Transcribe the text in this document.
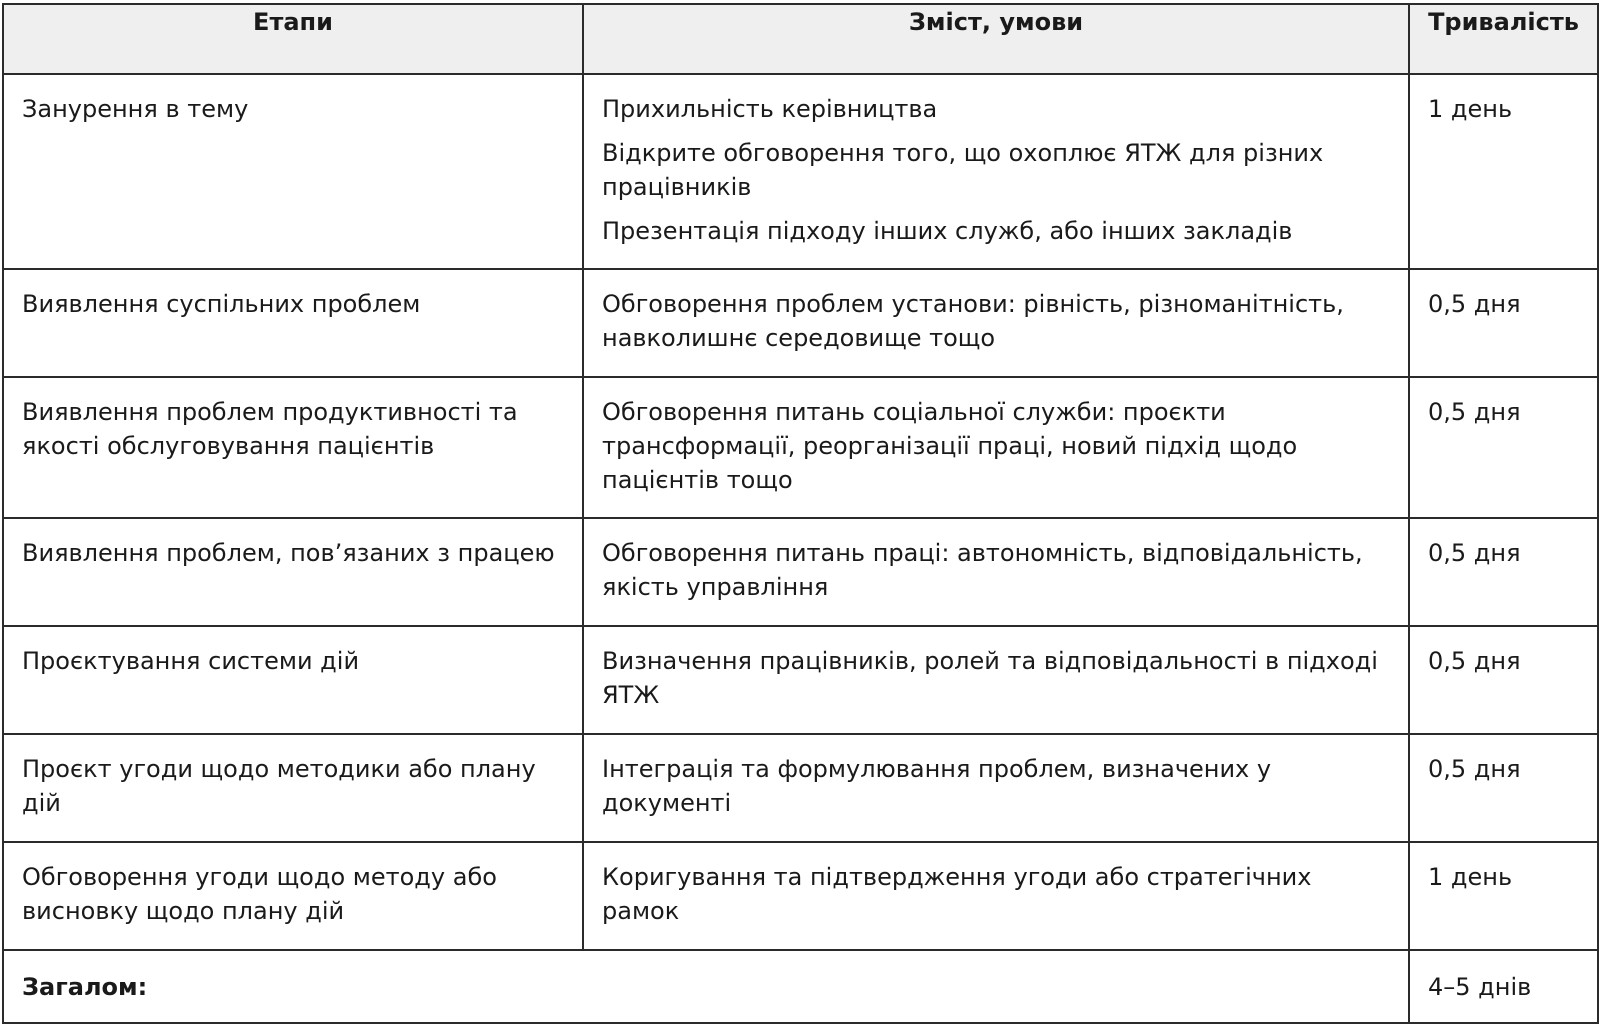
Етапи	Зміст, умови	Тривалість

Занурення в тему	Прихильність керівництва
Відкрите обговорення того, що охоплює ЯТЖ для різних працівників
Презентація підходу інших служб, або інших закладів	1 день

Виявлення суспільних проблем	Обговорення проблем установи: рівність, різноманітність, навколишнє середовище тощо	0,5 дня

Виявлення проблем продуктивності та якості обслуговування пацієнтів	Обговорення питань соціальної служби: проєкти трансформації, реорганізації праці, новий підхід щодо пацієнтів тощо	0,5 дня

Виявлення проблем, пов’язаних з працею	Обговорення питань праці: автономність, відповідальність, якість управління	0,5 дня

Проєктування системи дій	Визначення працівників, ролей та відповідальності в підході ЯТЖ	0,5 дня

Проєкт угоди щодо методики або плану дій	Інтеграція та формулювання проблем, визначених у документі	0,5 дня

Обговорення угоди щодо методу або висновку щодо плану дій	Коригування та підтвердження угоди або стратегічних рамок	1 день

Загалом:		4–5 днів
